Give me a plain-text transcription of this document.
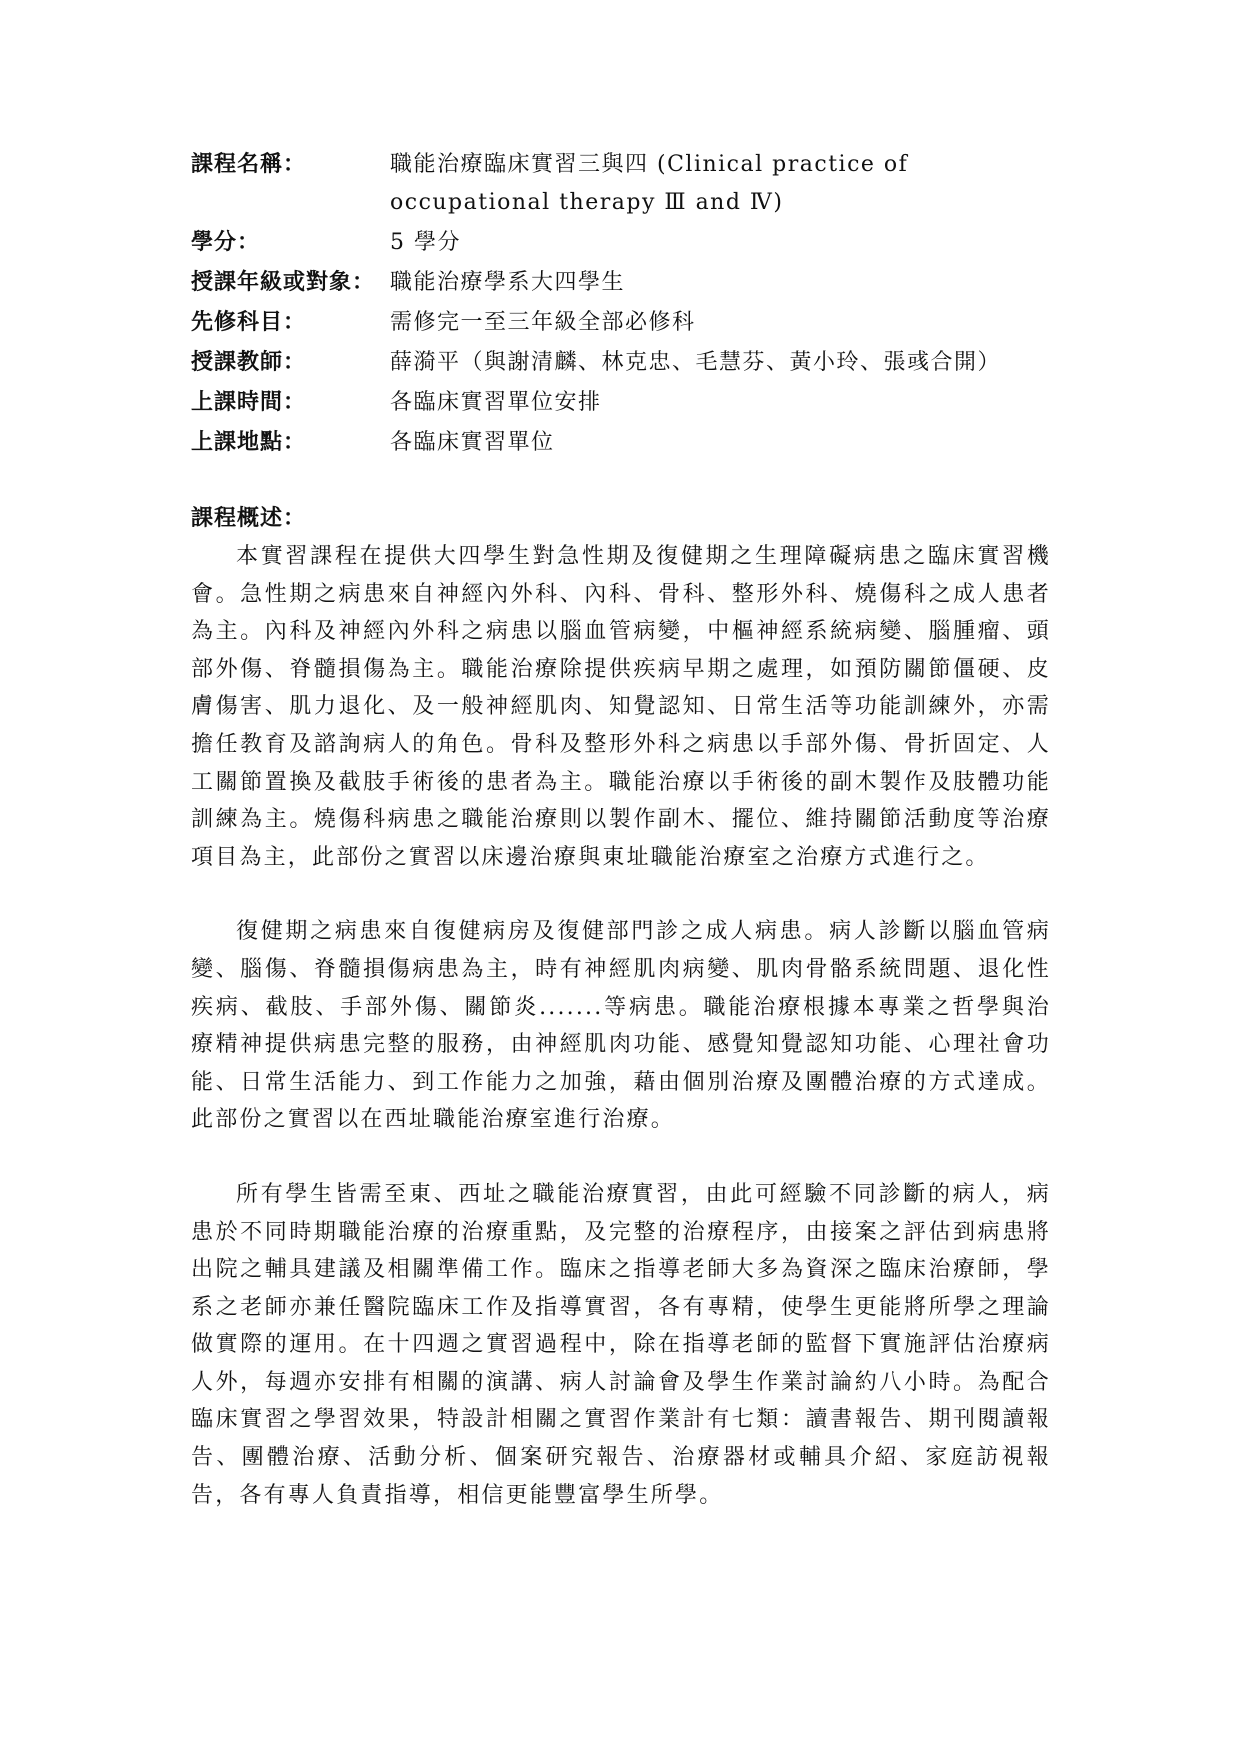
課程名稱：	職能治療臨床實習三與四 (Clinical practice of occupational therapy Ⅲ and Ⅳ)
學分：	5 學分
授課年級或對象： 職能治療學系大四學生
先修科目：	需修完一至三年級全部必修科
授課教師：	薛漪平（與謝清麟、林克忠、毛慧芬、黃小玲、張彧合開）
上課時間：	各臨床實習單位安排
上課地點：	各臨床實習單位
課程概述：

本實習課程在提供大四學生對急性期及復健期之生理障礙病患之臨床實習機會。急性期之病患來自神經內外科、內科、骨科、整形外科、燒傷科之成人患者為主。內科及神經內外科之病患以腦血管病變，中樞神經系統病變、腦腫瘤、頭部外傷、脊髓損傷為主。職能治療除提供疾病早期之處理，如預防關節僵硬、皮膚傷害、肌力退化、及一般神經肌肉、知覺認知、日常生活等功能訓練外，亦需擔任教育及諮詢病人的角色。骨科及整形外科之病患以手部外傷、骨折固定、人工關節置換及截肢手術後的患者為主。職能治療以手術後的副木製作及肢體功能訓練為主。燒傷科病患之職能治療則以製作副木、擺位、維持關節活動度等治療項目為主，此部份之實習以床邊治療與東址職能治療室之治療方式進行之。

復健期之病患來自復健病房及復健部門診之成人病患。病人診斷以腦血管病變、腦傷、脊髓損傷病患為主，時有神經肌肉病變、肌肉骨骼系統問題、退化性疾病、截肢、手部外傷、關節炎.......等病患。職能治療根據本專業之哲學與治療精神提供病患完整的服務，由神經肌肉功能、感覺知覺認知功能、心理社會功能、日常生活能力、到工作能力之加強，藉由個別治療及團體治療的方式達成。此部份之實習以在西址職能治療室進行治療。

所有學生皆需至東、西址之職能治療實習，由此可經驗不同診斷的病人，病患於不同時期職能治療的治療重點，及完整的治療程序，由接案之評估到病患將出院之輔具建議及相關準備工作。臨床之指導老師大多為資深之臨床治療師，學系之老師亦兼任醫院臨床工作及指導實習，各有專精，使學生更能將所學之理論做實際的運用。在十四週之實習過程中，除在指導老師的監督下實施評估治療病人外，每週亦安排有相關的演講、病人討論會及學生作業討論約八小時。為配合臨床實習之學習效果，特設計相關之實習作業計有七類：讀書報告、期刊閱讀報告、團體治療、活動分析、個案研究報告、治療器材或輔具介紹、家庭訪視報告，各有專人負責指導，相信更能豐富學生所學。
